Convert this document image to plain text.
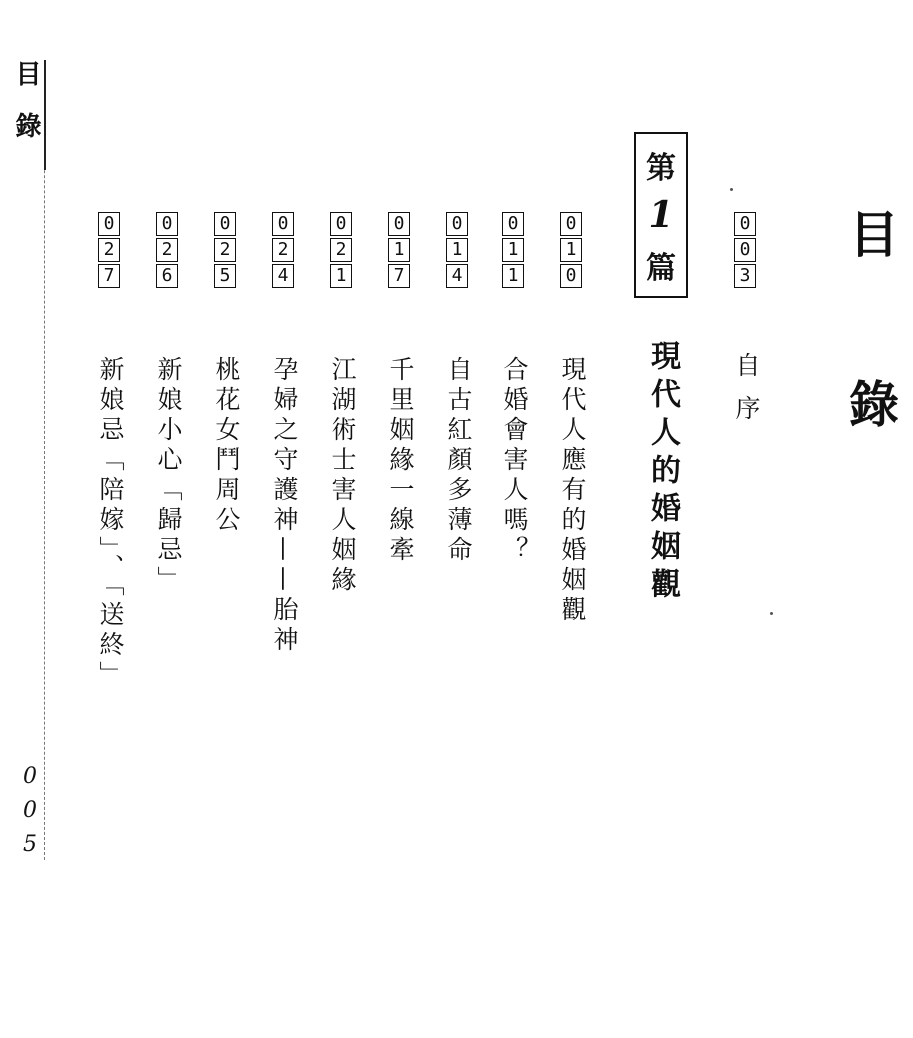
目錄
0
0
5
目錄
0
0
3
自序
第
1
篇
現代人的婚姻觀
0
1
0
現代人應有的婚姻觀
0
1
1
合婚會害人嗎？
0
1
4
自古紅顏多薄命
0
1
7
千里姻緣一線牽
0
2
1
江湖術士害人姻緣
0
2
4
孕婦之守護神——胎神
0
2
5
桃花女鬥周公
0
2
6
新娘小心「歸忌」
0
2
7
新娘忌「陪嫁」、「送終」
